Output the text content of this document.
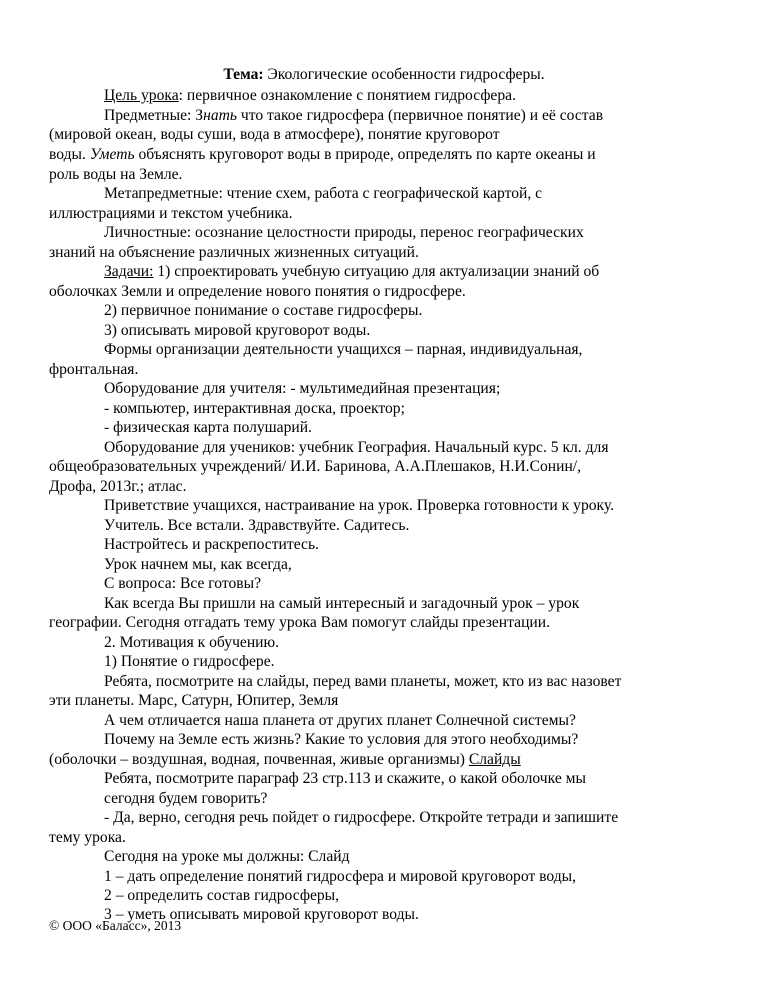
Тема: Экологические особенности гидросферы.
Цель урока: первичное ознакомление с понятием гидросфера.
Предметные: Знать что такое гидросфера (первичное понятие) и её состав
(мировой океан, воды суши, вода в атмосфере), понятие круговорот
воды. Уметь объяснять круговорот воды в природе, определять по карте океаны и
роль воды на Земле.
Метапредметные: чтение схем, работа с географической картой, с
иллюстрациями и текстом учебника.
Личностные: осознание целостности природы, перенос географических
знаний на объяснение различных жизненных ситуаций.
Задачи: 1) спроектировать учебную ситуацию для актуализации знаний об
оболочках Земли и определение нового понятия о гидросфере.
2) первичное понимание о составе гидросферы.
3) описывать мировой круговорот воды.
Формы организации деятельности учащихся – парная, индивидуальная,
фронтальная.
Оборудование для учителя: - мультимедийная презентация;
- компьютер, интерактивная доска, проектор;
- физическая карта полушарий.
Оборудование для учеников: учебник География. Начальный курс. 5 кл. для
общеобразовательных учреждений/ И.И. Баринова, А.А.Плешаков, Н.И.Сонин/,
Дрофа, 2013г.; атлас.
Приветствие учащихся, настраивание на урок. Проверка готовности к уроку.
Учитель. Все встали. Здравствуйте. Садитесь.
Настройтесь и раскрепоститесь.
Урок начнем мы, как всегда,
С вопроса: Все готовы?
Как всегда Вы пришли на самый интересный и загадочный урок – урок
географии. Сегодня отгадать тему урока Вам помогут слайды презентации.
2. Мотивация к обучению.
1) Понятие о гидросфере.
Ребята, посмотрите на слайды, перед вами планеты, может, кто из вас назовет
эти планеты. Марс, Сатурн, Юпитер, Земля
А чем отличается наша планета от других планет Солнечной системы?
Почему на Земле есть жизнь? Какие то условия для этого необходимы?
(оболочки – воздушная, водная, почвенная, живые организмы) Слайды
Ребята, посмотрите параграф 23 стр.113 и скажите, о какой оболочке мы
сегодня будем говорить?
- Да, верно, сегодня речь пойдет о гидросфере. Откройте тетради и запишите
тему урока.
Сегодня на уроке мы должны: Слайд
1 – дать определение понятий гидросфера и мировой круговорот воды,
2 – определить состав гидросферы,
3 – уметь описывать мировой круговорот воды.
© ООО «Баласс», 2013
